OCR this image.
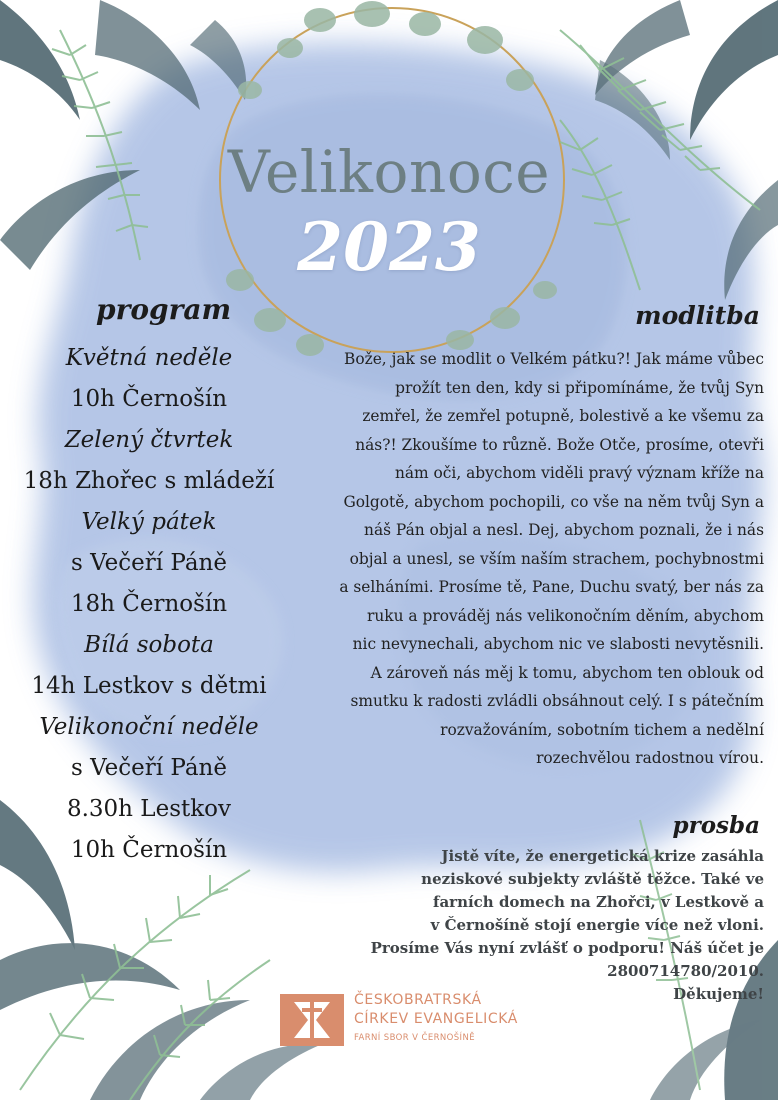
Velikonoce
2023
program
Květná neděle
10h Černošín
Zelený čtvrtek
18h Zhořec s mládeží
Velký pátek
s Večeří Páně
18h Černošín
Bílá sobota
14h Lestkov s dětmi
Velikonoční neděle
s Večeří Páně
8.30h Lestkov
10h Černošín
modlitba
Bože, jak se modlit o Velkém pátku?! Jak máme vůbec
prožít ten den, kdy si připomínáme, že tvůj Syn
zemřel, že zemřel potupně, bolestivě a ke všemu za
nás?! Zkoušíme to různě. Bože Otče, prosíme, otevři
nám oči, abychom viděli pravý význam kříže na
Golgotě, abychom pochopili, co vše na něm tvůj Syn a
náš Pán objal a nesl. Dej, abychom poznali, že i nás
objal a unesl, se vším naším strachem, pochybnostmi
a selháními. Prosíme tě, Pane, Duchu svatý, ber nás za
ruku a prováděj nás velikonočním děním, abychom
nic nevynechali, abychom nic ve slabosti nevytěsnili.
A zároveň nás měj k tomu, abychom ten oblouk od
smutku k radosti zvládli obsáhnout celý. I s pátečním
rozvažováním, sobotním tichem a nedělní
rozechvělou radostnou vírou.
prosba
Jistě víte, že energetická krize zasáhla
neziskové subjekty zvláště těžce. Také ve
farních domech na Zhořci, v Lestkově a
v Černošíně stojí energie více než vloni.
Prosíme Vás nyní zvlášť o podporu! Náš účet je
2800714780/2010.
Děkujeme!
ČESKOBRATRSKÁ
CÍRKEV EVANGELICKÁ
FARNÍ SBOR V ČERNOŠÍNĚ
